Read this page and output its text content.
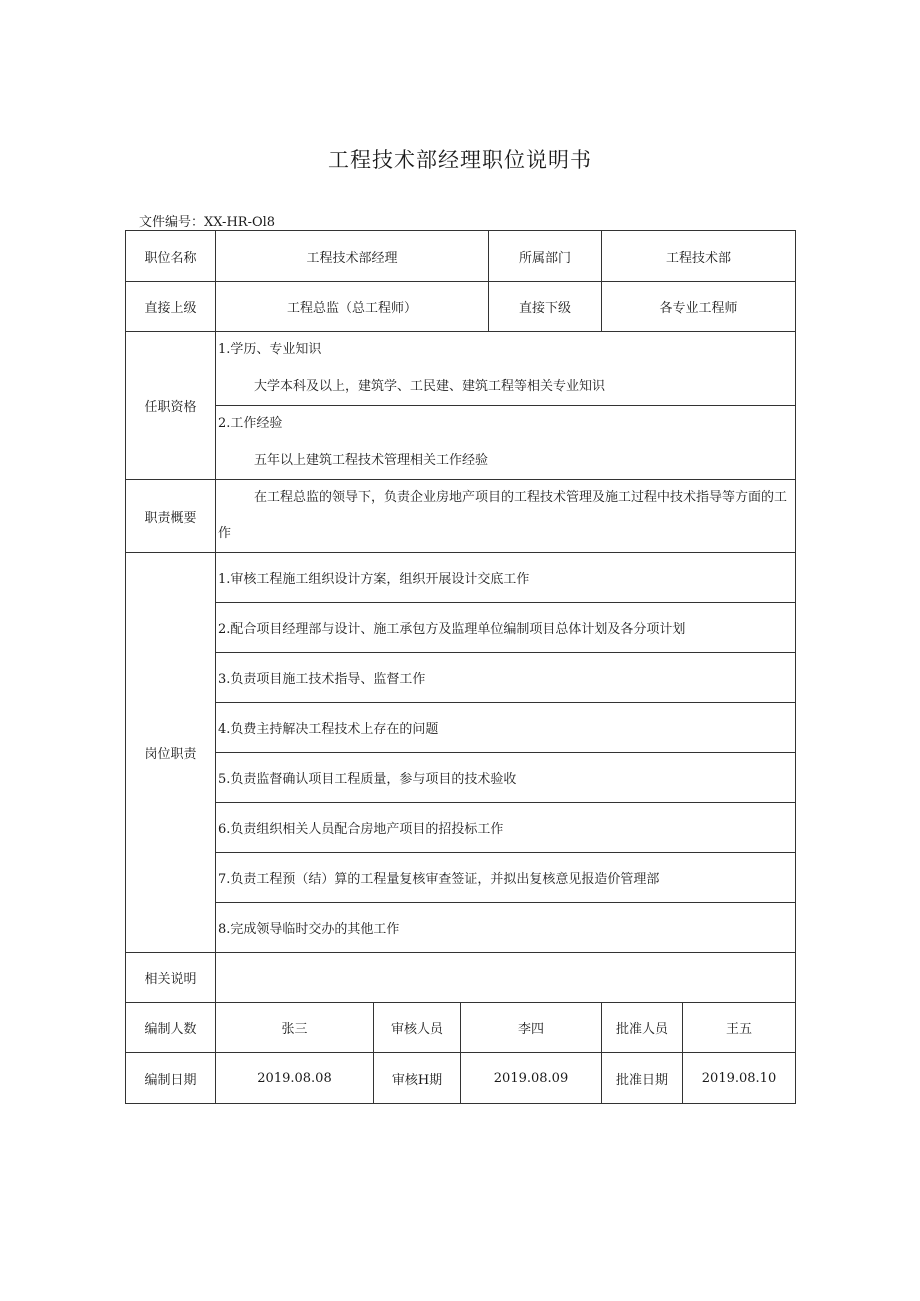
工程技术部经理职位说明书
文件编号：XX-HR-Ol8
职位名称	工程技术部经理			所属部门	工程技术部	
直接上级	工程总监（总工程师）			直接下级	各专业工程师	
任职资格	1.学历、专业知识
大学本科及以上，建筑学、工民建、建筑工程等相关专业知识					

	2.工作经验
五年以上建筑工程技术管理相关工作经验					

职责概要	在工程总监的领导下，负责企业房地产项目的工程技术管理及施工过程中技术指导等方面的工作					

岗位职责	1.审核工程施工组织设计方案，组织开展设计交底工作					
	2.配合项目经理部与设计、施工承包方及监理单位编制项目总体计划及各分项计划					
	3.负责项目施工技术指导、监督工作					
	4.负费主持解决工程技术上存在的问题					
	5.负责监督确认项目工程质量，参与项目的技术验收					
	6.负责组织相关人员配合房地产项目的招投标工作					
	7.负责工程预（结）算的工程量复核审查签证，并拟出复核意见报造价管理部					
	8.完成领导临时交办的其他工作					
相关说明						
编制人数	张三	审核人员	李四		批准人员	王五
编制日期	2019.08.08	审核H期	2019.08.09		批准日期	2019.08.10
